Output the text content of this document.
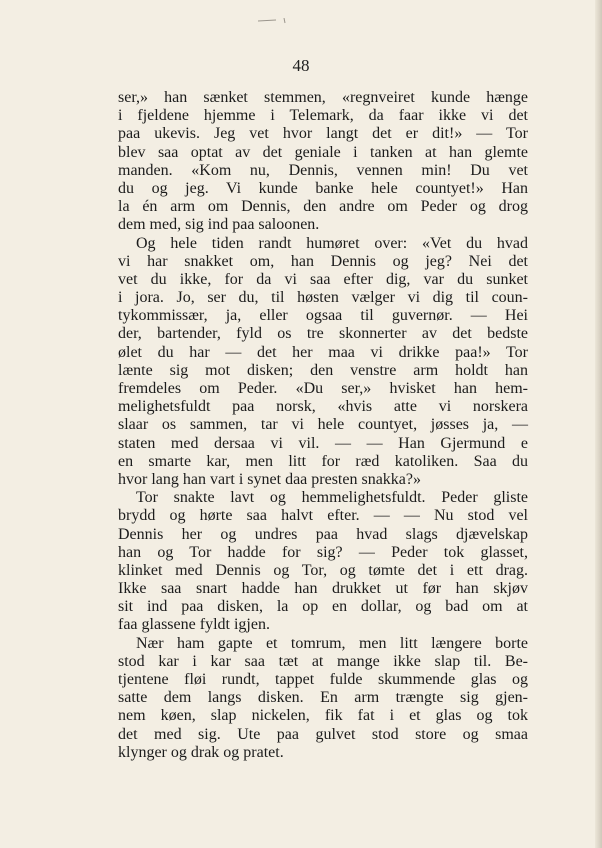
48
ser,» han sænket stemmen, «regnveiret kunde hænge
i fjeldene hjemme i Telemark, da faar ikke vi det
paa ukevis. Jeg vet hvor langt det er dit!» — Tor
blev saa optat av det geniale i tanken at han glemte
manden. «Kom nu, Dennis, vennen min! Du vet
du og jeg. Vi kunde banke hele countyet!» Han
la én arm om Dennis, den andre om Peder og drog
dem med, sig ind paa saloonen.
Og hele tiden randt humøret over: «Vet du hvad
vi har snakket om, han Dennis og jeg? Nei det
vet du ikke, for da vi saa efter dig, var du sunket
i jora. Jo, ser du, til høsten vælger vi dig til coun-
tykommissær, ja, eller ogsaa til guvernør. — Hei
der, bartender, fyld os tre skonnerter av det bedste
ølet du har — det her maa vi drikke paa!» Tor
lænte sig mot disken; den venstre arm holdt han
fremdeles om Peder. «Du ser,» hvisket han hem-
melighetsfuldt paa norsk, «hvis atte vi norskera
slaar os sammen, tar vi hele countyet, jøsses ja, —
staten med dersaa vi vil. — — Han Gjermund e
en smarte kar, men litt for ræd katoliken. Saa du
hvor lang han vart i synet daa presten snakka?»
Tor snakte lavt og hemmelighetsfuldt. Peder gliste
brydd og hørte saa halvt efter. — — Nu stod vel
Dennis her og undres paa hvad slags djævelskap
han og Tor hadde for sig? — Peder tok glasset,
klinket med Dennis og Tor, og tømte det i ett drag.
Ikke saa snart hadde han drukket ut før han skjøv
sit ind paa disken, la op en dollar, og bad om at
faa glassene fyldt igjen.
Nær ham gapte et tomrum, men litt længere borte
stod kar i kar saa tæt at mange ikke slap til. Be-
tjentene fløi rundt, tappet fulde skummende glas og
satte dem langs disken. En arm trængte sig gjen-
nem køen, slap nickelen, fik fat i et glas og tok
det med sig. Ute paa gulvet stod store og smaa
klynger og drak og pratet.
